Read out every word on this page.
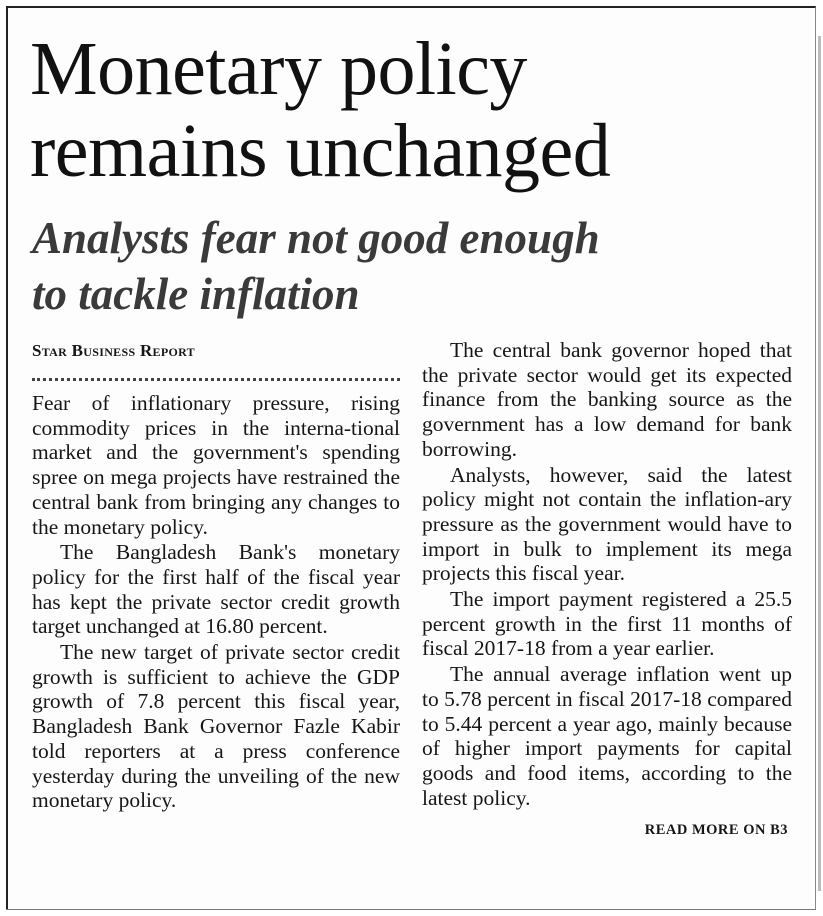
Monetary policy
remains unchanged
Analysts fear not good enough
to tackle inflation
Star Business Report

Fear of inflationary pressure, rising commodity prices in the interna-tional market and the government's spending spree on mega projects have restrained the central bank from bringing any changes to the monetary policy.

The Bangladesh Bank's monetary policy for the first half of the fiscal year has kept the private sector credit growth target unchanged at 16.80 percent.

The new target of private sector credit growth is sufficient to achieve the GDP growth of 7.8 percent this fiscal year, Bangladesh Bank Governor Fazle Kabir told reporters at a press conference yesterday during the unveiling of the new monetary policy.

The central bank governor hoped that the private sector would get its expected finance from the banking source as the government has a low demand for bank borrowing.

Analysts, however, said the latest policy might not contain the inflation-ary pressure as the government would have to import in bulk to implement its mega projects this fiscal year.

The import payment registered a 25.5 percent growth in the first 11 months of fiscal 2017-18 from a year earlier.

The annual average inflation went up to 5.78 percent in fiscal 2017-18 compared to 5.44 percent a year ago, mainly because of higher import payments for capital goods and food items, according to the latest policy.

READ MORE ON B3
